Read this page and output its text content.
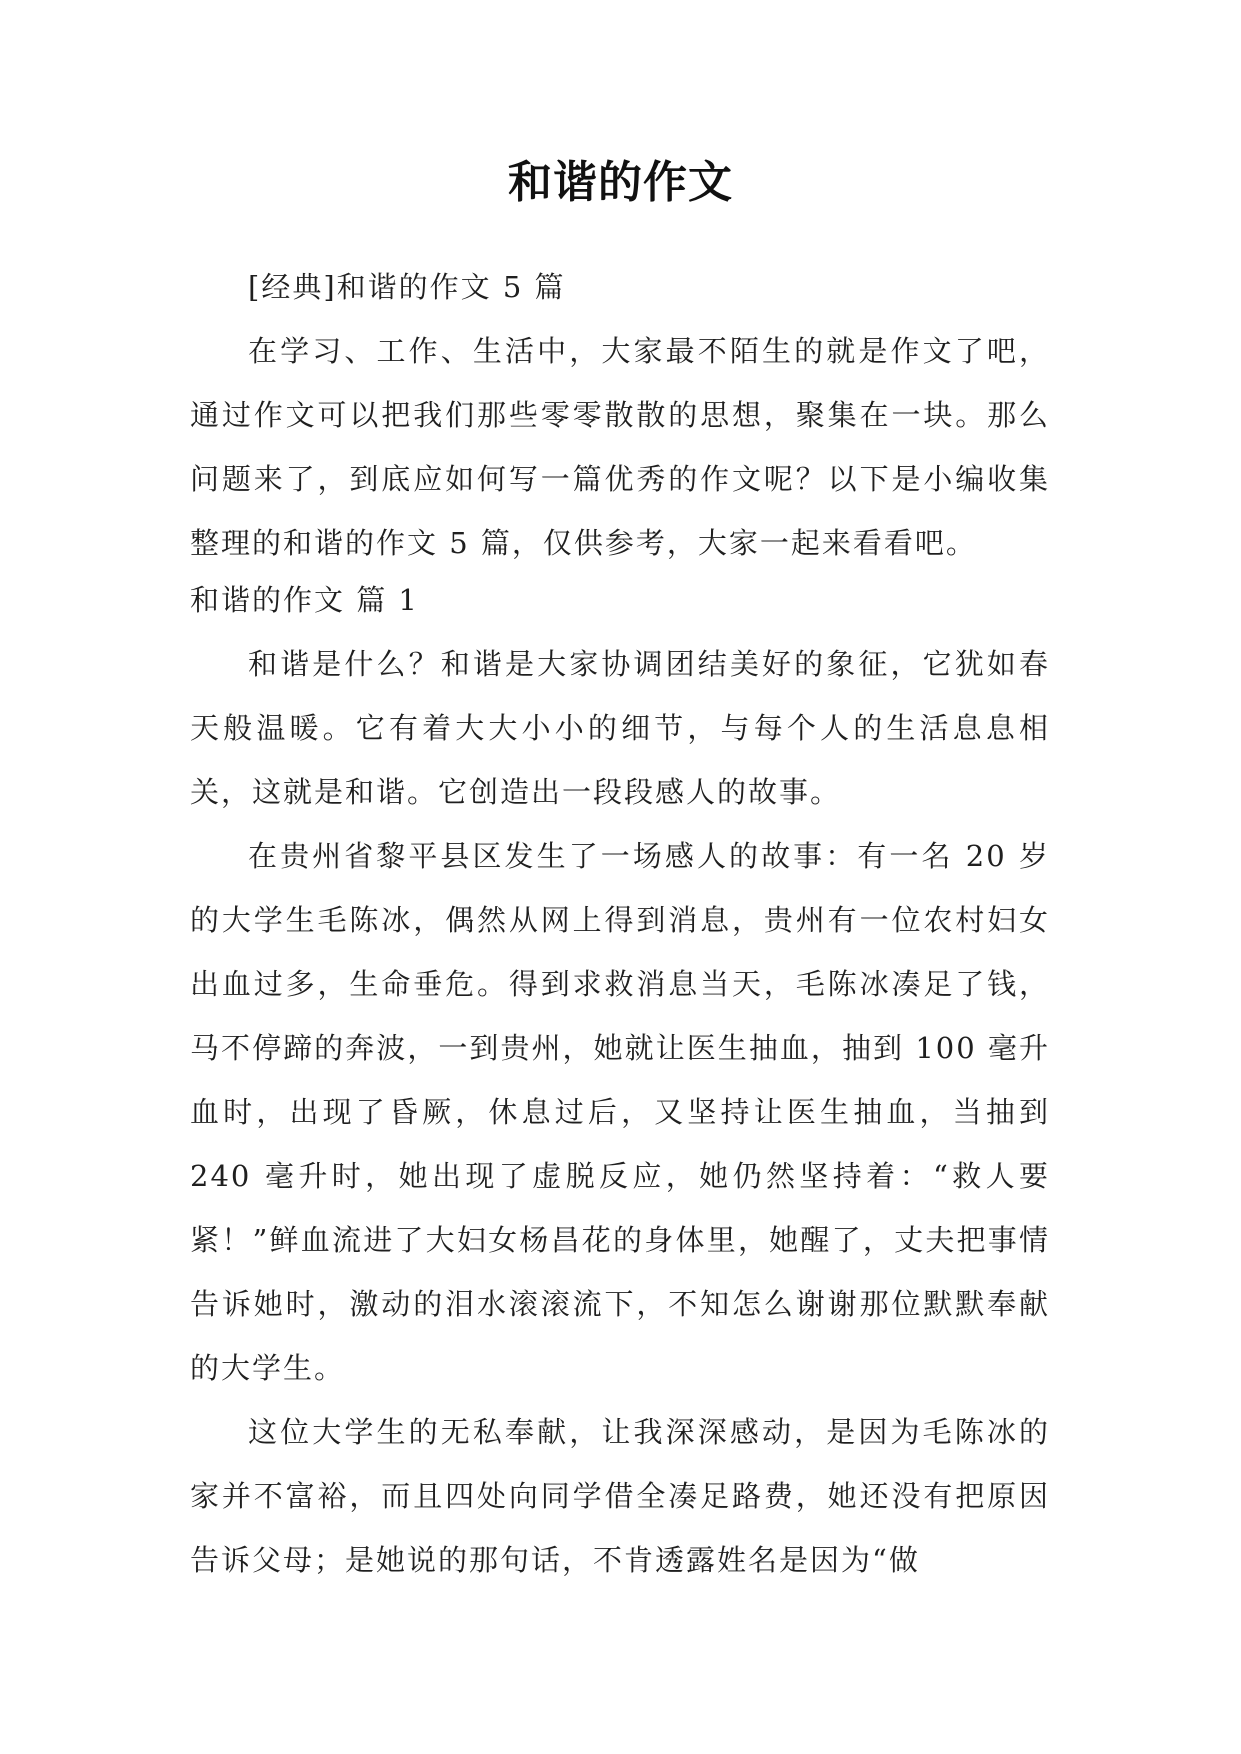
和谐的作文

[经典]和谐的作文 5 篇

在学习、工作、生活中，大家最不陌生的就是作文了吧，通过作文可以把我们那些零零散散的思想，聚集在一块。那么问题来了，到底应如何写一篇优秀的作文呢？以下是小编收集整理的和谐的作文 5 篇，仅供参考，大家一起来看看吧。

和谐的作文 篇 1

和谐是什么？和谐是大家协调团结美好的象征，它犹如春天般温暖。它有着大大小小的细节，与每个人的生活息息相关，这就是和谐。它创造出一段段感人的故事。

在贵州省黎平县区发生了一场感人的故事：有一名 20 岁的大学生毛陈冰，偶然从网上得到消息，贵州有一位农村妇女出血过多，生命垂危。得到求救消息当天，毛陈冰凑足了钱，马不停蹄的奔波，一到贵州，她就让医生抽血，抽到 100 毫升血时，出现了昏厥，休息过后，又坚持让医生抽血，当抽到 240 毫升时，她出现了虚脱反应，她仍然坚持着：“救人要紧！”鲜血流进了大妇女杨昌花的身体里，她醒了，丈夫把事情告诉她时，激动的泪水滚滚流下，不知怎么谢谢那位默默奉献的大学生。

这位大学生的无私奉献，让我深深感动，是因为毛陈冰的家并不富裕，而且四处向同学借全凑足路费，她还没有把原因告诉父母；是她说的那句话，不肯透露姓名是因为“做
